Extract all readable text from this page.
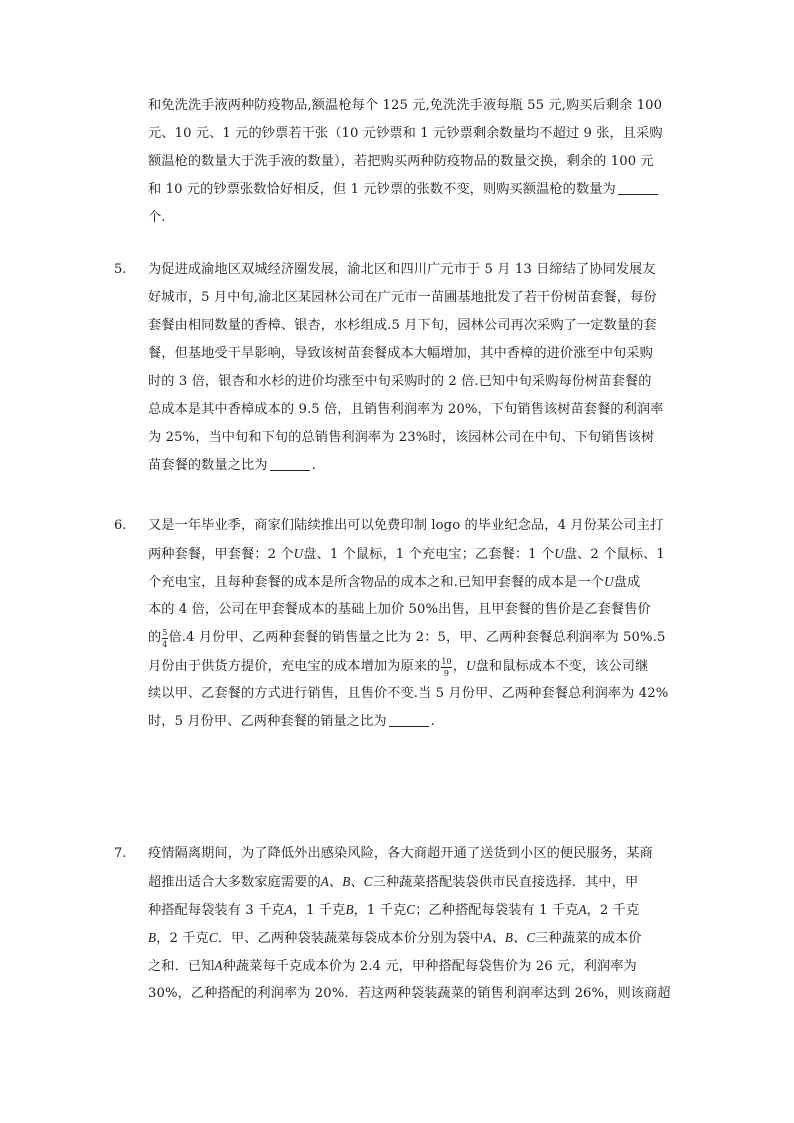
和免洗洗手液两种防疫物品,额温枪每个 125 元,免洗洗手液每瓶 55 元,购买后剩余 100
元、10 元、1 元的钞票若干张（10 元钞票和 1 元钞票剩余数量均不超过 9 张，且采购
额温枪的数量大于洗手液的数量），若把购买两种防疫物品的数量交换，剩余的 100 元
和 10 元的钞票张数恰好相反，但 1 元钞票的张数不变，则购买额温枪的数量为
个.
5. 为促进成渝地区双城经济圈发展，渝北区和四川广元市于 5 月 13 日缔结了协同发展友
好城市，5 月中旬,渝北区某园林公司在广元市一苗圃基地批发了若干份树苗套餐，每份
套餐由相同数量的香樟、银杏，水杉组成.5 月下旬，园林公司再次采购了一定数量的套
餐，但基地受干旱影响，导致该树苗套餐成本大幅增加，其中香樟的进价涨至中旬采购
时的 3 倍，银杏和水杉的进价均涨至中旬采购时的 2 倍.已知中旬采购每份树苗套餐的
总成本是其中香樟成本的 9.5 倍，且销售利润率为 20%，下旬销售该树苗套餐的利润率
为 25%，当中旬和下旬的总销售利润率为 23%时，该园林公司在中旬、下旬销售该树
苗套餐的数量之比为	.
6. 又是一年毕业季，商家们陆续推出可以免费印制 logo 的毕业纪念品，4 月份某公司主打
两种套餐，甲套餐：2 个U盘、1 个鼠标，1 个充电宝；乙套餐：1 个U盘、2 个鼠标、1
个充电宝，且每种套餐的成本是所含物品的成本之和.已知甲套餐的成本是一个U盘成
本的 4 倍，公司在甲套餐成本的基础上加价 50%出售，且甲套餐的售价是乙套餐售价
的 $\frac{5}{4}$ 倍.4 月份甲、乙两种套餐的销售量之比为 2：5，甲、乙两种套餐总利润率为 50%.5
月份由于供货方提价，充电宝的成本增加为原来的 $\frac{10}{9}$ ，U盘和鼠标成本不变，该公司继
续以甲、乙套餐的方式进行销售，且售价不变.当 5 月份甲、乙两种套餐总利润率为 42%
时，5 月份甲、乙两种套餐的销量之比为	.
7. 疫情隔离期间，为了降低外出感染风险，各大商超开通了送货到小区的便民服务，某商
超推出适合大多数家庭需要的A、B、C三种蔬菜搭配装袋供市民直接选择．其中，甲
种搭配每袋装有 3 千克A，1 千克B，1 千克C；乙种搭配每袋装有 1 千克A，2 千克
B，2 千克C．甲、乙两种袋装蔬菜每袋成本价分别为袋中A、B、C三种蔬菜的成本价
之和．已知A种蔬菜每千克成本价为 2.4 元，甲种搭配每袋售价为 26 元，利润率为
30%，乙种搭配的利润率为 20%．若这两种袋装蔬菜的销售利润率达到 26%，则该商超
